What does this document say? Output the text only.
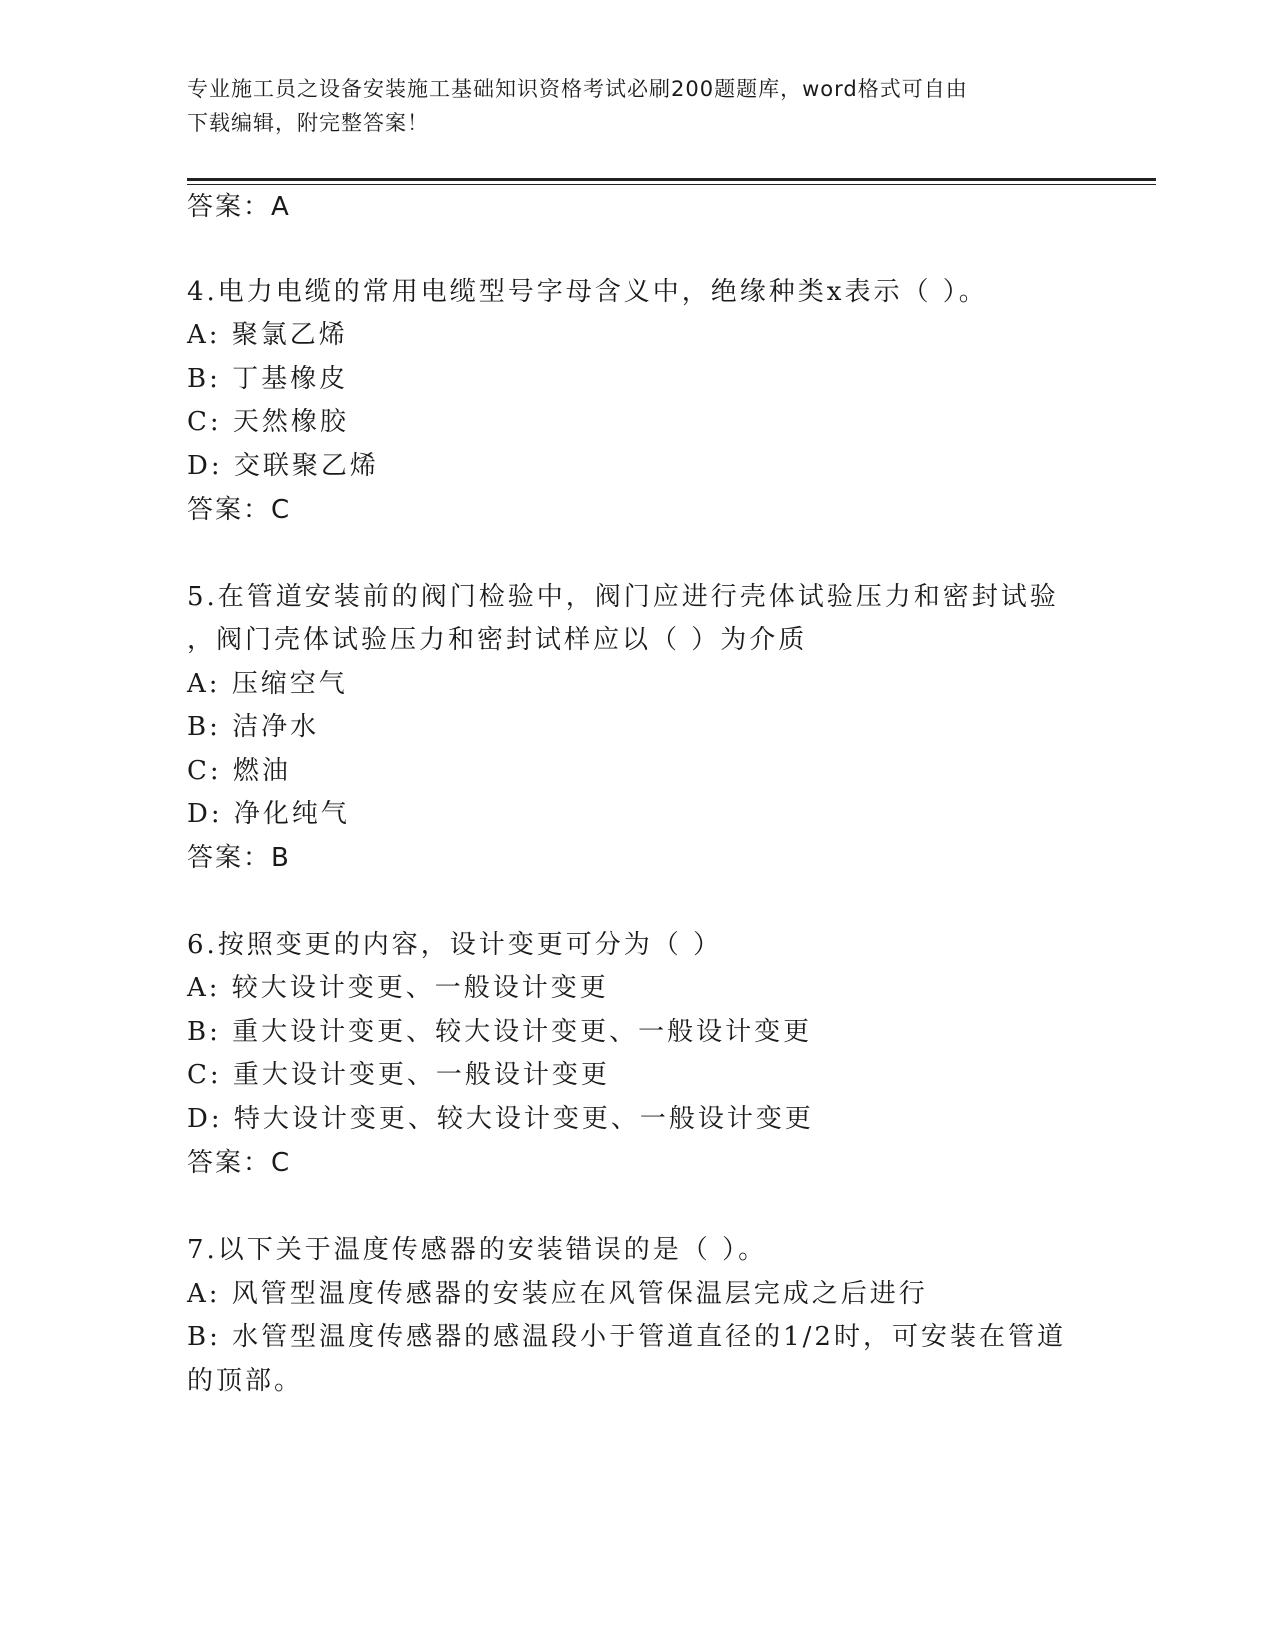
专业施工员之设备安装施工基础知识资格考试必刷200题题库，word格式可自由
下载编辑，附完整答案！
答案：A
4.电力电缆的常用电缆型号字母含义中，绝缘种类x表示（ ）。
A: 聚氯乙烯
B: 丁基橡皮
C: 天然橡胶
D: 交联聚乙烯
答案：C
5.在管道安装前的阀门检验中，阀门应进行壳体试验压力和密封试验
，阀门壳体试验压力和密封试样应以（ ）为介质
A: 压缩空气
B: 洁净水
C: 燃油
D: 净化纯气
答案：B
6.按照变更的内容，设计变更可分为（ ）
A: 较大设计变更、一般设计变更
B: 重大设计变更、较大设计变更、一般设计变更
C: 重大设计变更、一般设计变更
D: 特大设计变更、较大设计变更、一般设计变更
答案：C
7.以下关于温度传感器的安装错误的是（ ）。
A: 风管型温度传感器的安装应在风管保温层完成之后进行
B: 水管型温度传感器的感温段小于管道直径的1/2时，可安装在管道
的顶部。
